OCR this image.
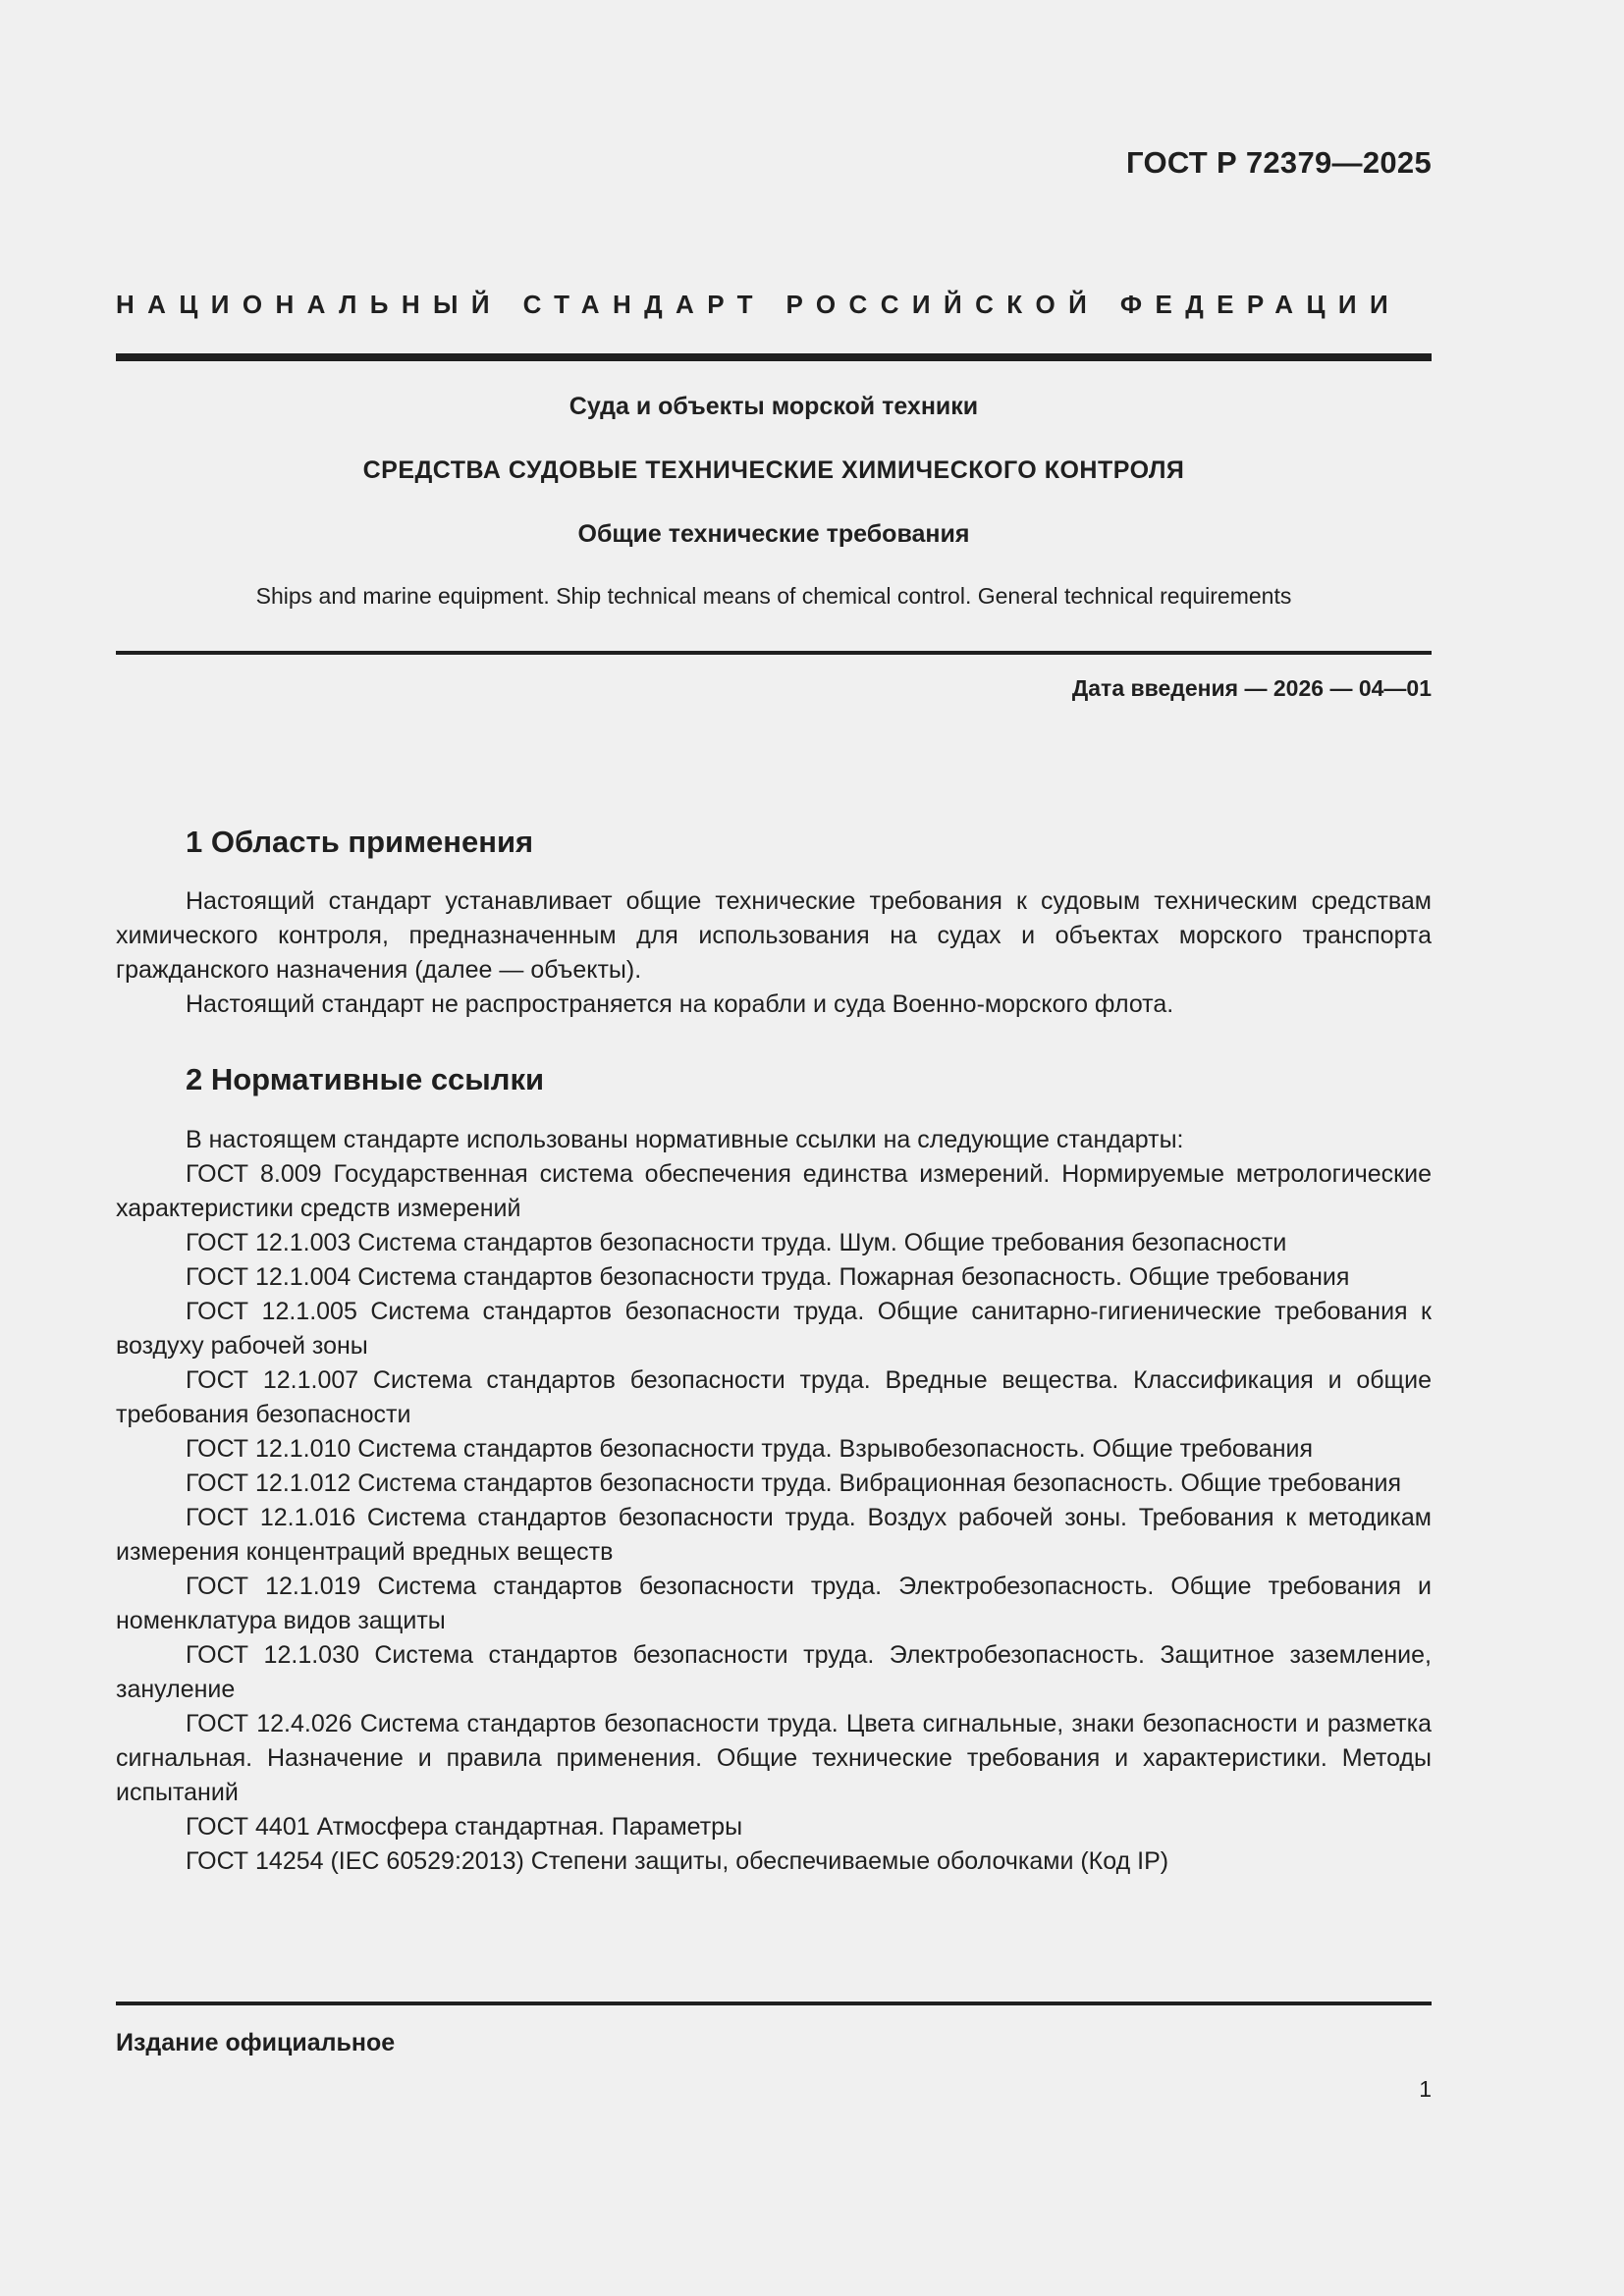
ГОСТ Р 72379—2025
НАЦИОНАЛЬНЫЙ СТАНДАРТ РОССИЙСКОЙ ФЕДЕРАЦИИ
Суда и объекты морской техники
СРЕДСТВА СУДОВЫЕ ТЕХНИЧЕСКИЕ ХИМИЧЕСКОГО КОНТРОЛЯ
Общие технические требования
Ships and marine equipment. Ship technical means of chemical control. General technical requirements
Дата введения — 2026 — 04—01
1 Область применения

Настоящий стандарт устанавливает общие технические требования к судовым техническим средствам химического контроля, предназначенным для использования на судах и объектах морского транспорта гражданского назначения (далее — объекты).

Настоящий стандарт не распространяется на корабли и суда Военно-морского флота.

2 Нормативные ссылки

В настоящем стандарте использованы нормативные ссылки на следующие стандарты:

ГОСТ 8.009 Государственная система обеспечения единства измерений. Нормируемые метрологические характеристики средств измерений

ГОСТ 12.1.003 Система стандартов безопасности труда. Шум. Общие требования безопасности

ГОСТ 12.1.004 Система стандартов безопасности труда. Пожарная безопасность. Общие требования

ГОСТ 12.1.005 Система стандартов безопасности труда. Общие санитарно-гигиенические требования к воздуху рабочей зоны

ГОСТ 12.1.007 Система стандартов безопасности труда. Вредные вещества. Классификация и общие требования безопасности

ГОСТ 12.1.010 Система стандартов безопасности труда. Взрывобезопасность. Общие требования

ГОСТ 12.1.012 Система стандартов безопасности труда. Вибрационная безопасность. Общие требования

ГОСТ 12.1.016 Система стандартов безопасности труда. Воздух рабочей зоны. Требования к методикам измерения концентраций вредных веществ

ГОСТ 12.1.019 Система стандартов безопасности труда. Электробезопасность. Общие требования и номенклатура видов защиты

ГОСТ 12.1.030 Система стандартов безопасности труда. Электробезопасность. Защитное заземление, зануление

ГОСТ 12.4.026 Система стандартов безопасности труда. Цвета сигнальные, знаки безопасности и разметка сигнальная. Назначение и правила применения. Общие технические требования и характеристики. Методы испытаний

ГОСТ 4401 Атмосфера стандартная. Параметры

ГОСТ 14254 (IEC 60529:2013) Степени защиты, обеспечиваемые оболочками (Код IP)

Издание официальное
1
